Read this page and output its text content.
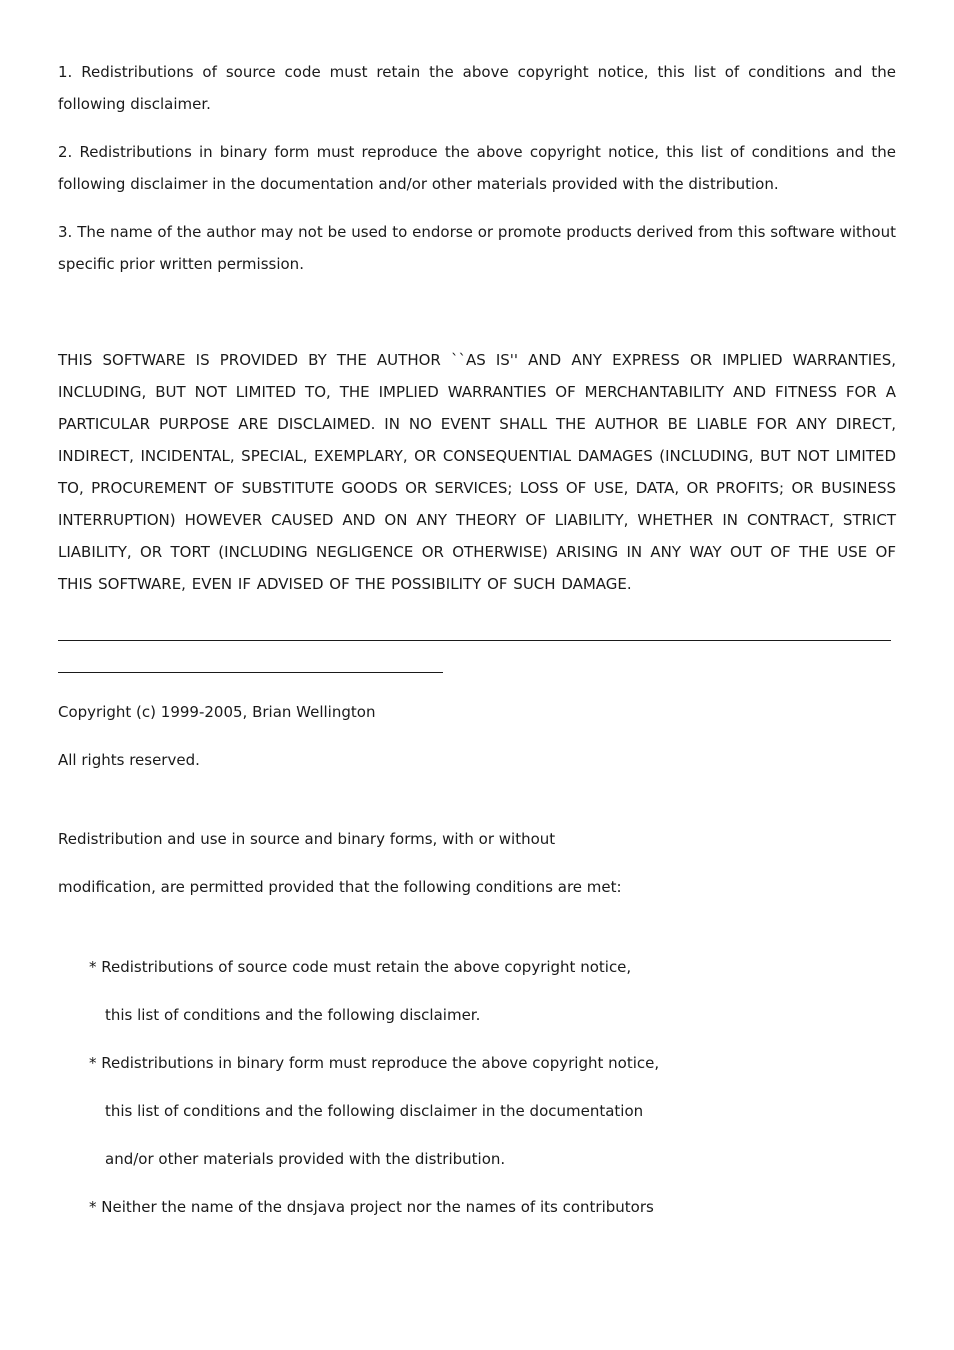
1. Redistributions of source code must retain the above copyright notice, this list of conditions and the following disclaimer.

2. Redistributions in binary form must reproduce the above copyright notice, this list of conditions and the following disclaimer in the documentation and/or other materials provided with the distribution.

3. The name of the author may not be used to endorse or promote products derived from this software without specific prior written permission.

THIS SOFTWARE IS PROVIDED BY THE AUTHOR ``AS IS'' AND ANY EXPRESS OR IMPLIED WARRANTIES, INCLUDING, BUT NOT LIMITED TO, THE IMPLIED WARRANTIES OF MERCHANTABILITY AND FITNESS FOR A PARTICULAR PURPOSE ARE DISCLAIMED. IN NO EVENT SHALL THE AUTHOR BE LIABLE FOR ANY DIRECT, INDIRECT, INCIDENTAL, SPECIAL, EXEMPLARY, OR CONSEQUENTIAL DAMAGES (INCLUDING, BUT NOT LIMITED TO, PROCUREMENT OF SUBSTITUTE GOODS OR SERVICES; LOSS OF USE, DATA, OR PROFITS; OR BUSINESS INTERRUPTION) HOWEVER CAUSED AND ON ANY THEORY OF LIABILITY, WHETHER IN CONTRACT, STRICT LIABILITY, OR TORT (INCLUDING NEGLIGENCE OR OTHERWISE) ARISING IN ANY WAY OUT OF THE USE OF THIS SOFTWARE, EVEN IF ADVISED OF THE POSSIBILITY OF SUCH DAMAGE.

Copyright (c) 1999-2005, Brian Wellington

All rights reserved.

Redistribution and use in source and binary forms, with or without

modification, are permitted provided that the following conditions are met:

* Redistributions of source code must retain the above copyright notice,

this list of conditions and the following disclaimer.

* Redistributions in binary form must reproduce the above copyright notice,

this list of conditions and the following disclaimer in the documentation

and/or other materials provided with the distribution.

* Neither the name of the dnsjava project nor the names of its contributors
